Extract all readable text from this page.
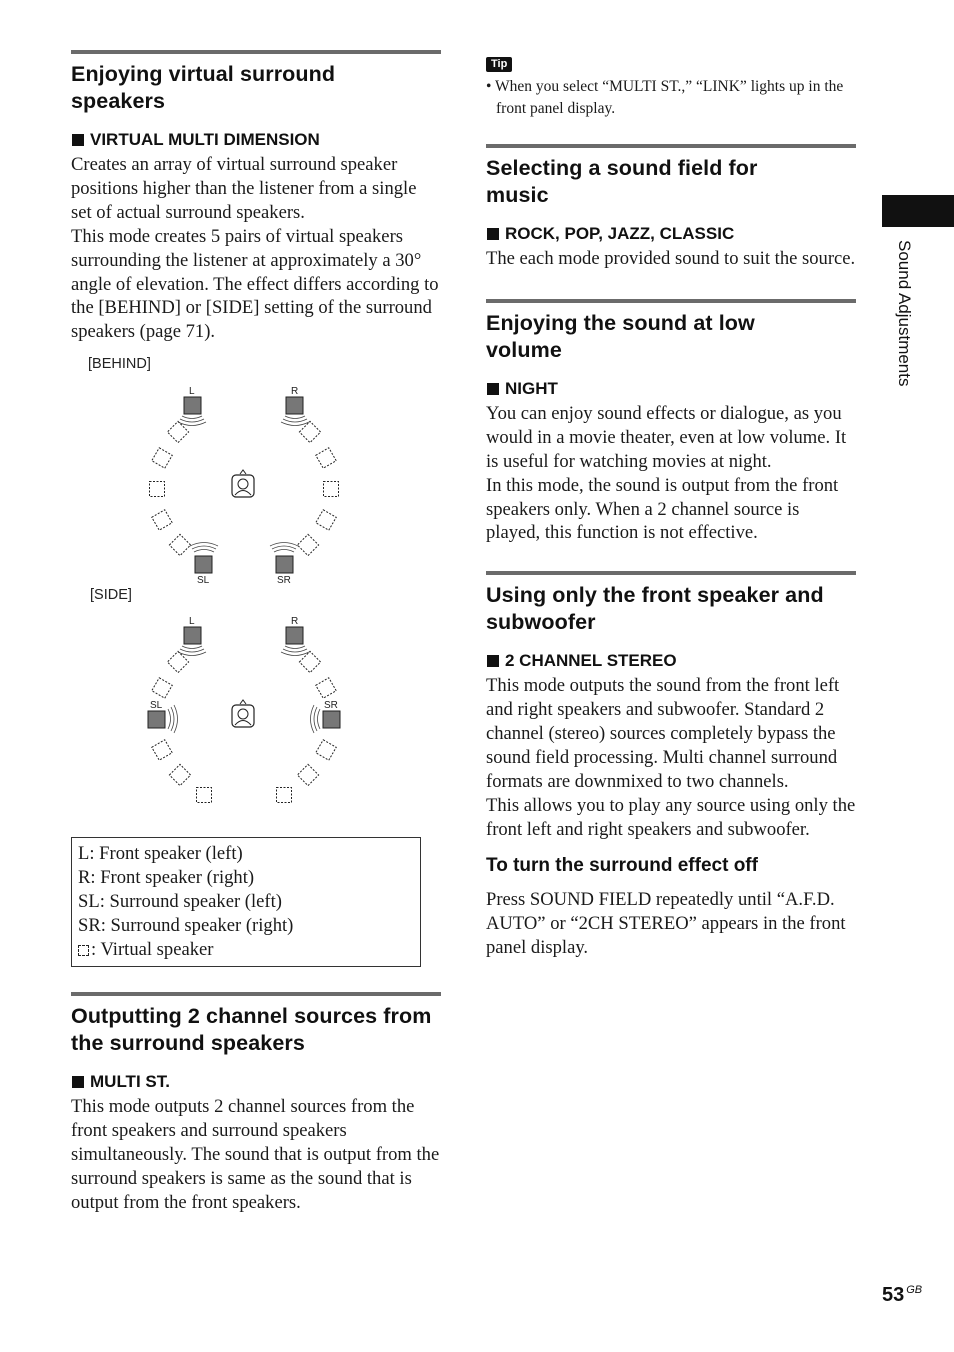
Enjoying virtual surround speakers
VIRTUAL MULTI DIMENSION

Creates an array of virtual surround speaker positions higher than the listener from a single set of actual surround speakers.

This mode creates 5 pairs of virtual speakers surrounding the listener at approximately a 30° angle of elevation. The effect differs according to the [BEHIND] or [SIDE] setting of the surround speakers (page 71).

[BEHIND]
[SIDE]
L	R
SL	SR
L	R
SL	SR
L: Front speaker (left)
R: Front speaker (right)
SL: Surround speaker (left)
SR: Surround speaker (right)
: Virtual speaker
Outputting 2 channel sources from the surround speakers
MULTI ST.
This mode outputs 2 channel sources from the front speakers and surround speakers simultaneously. The sound that is output from the surround speakers is same as the sound that is output from the front speakers.
Tip
• When you select “MULTI ST.,” “LINK” lights up in the front panel display.
Selecting a sound field for music
ROCK, POP, JAZZ, CLASSIC
The each mode provided sound to suit the source.
Enjoying the sound at low volume
NIGHT

You can enjoy sound effects or dialogue, as you would in a movie theater, even at low volume. It is useful for watching movies at night.

In this mode, the sound is output from the front speakers only. When a 2 channel source is played, this function is not effective.

Using only the front speaker and subwoofer
2 CHANNEL STEREO

This mode outputs the sound from the front left and right speakers and subwoofer. Standard 2 channel (stereo) sources completely bypass the sound field processing. Multi channel surround formats are downmixed to two channels.

This allows you to play any source using only the front left and right speakers and subwoofer.

To turn the surround effect off
Press SOUND FIELD repeatedly until “A.F.D. AUTO” or “2CH STEREO” appears in the front panel display.
Sound Adjustments
53 $^{GB}$
